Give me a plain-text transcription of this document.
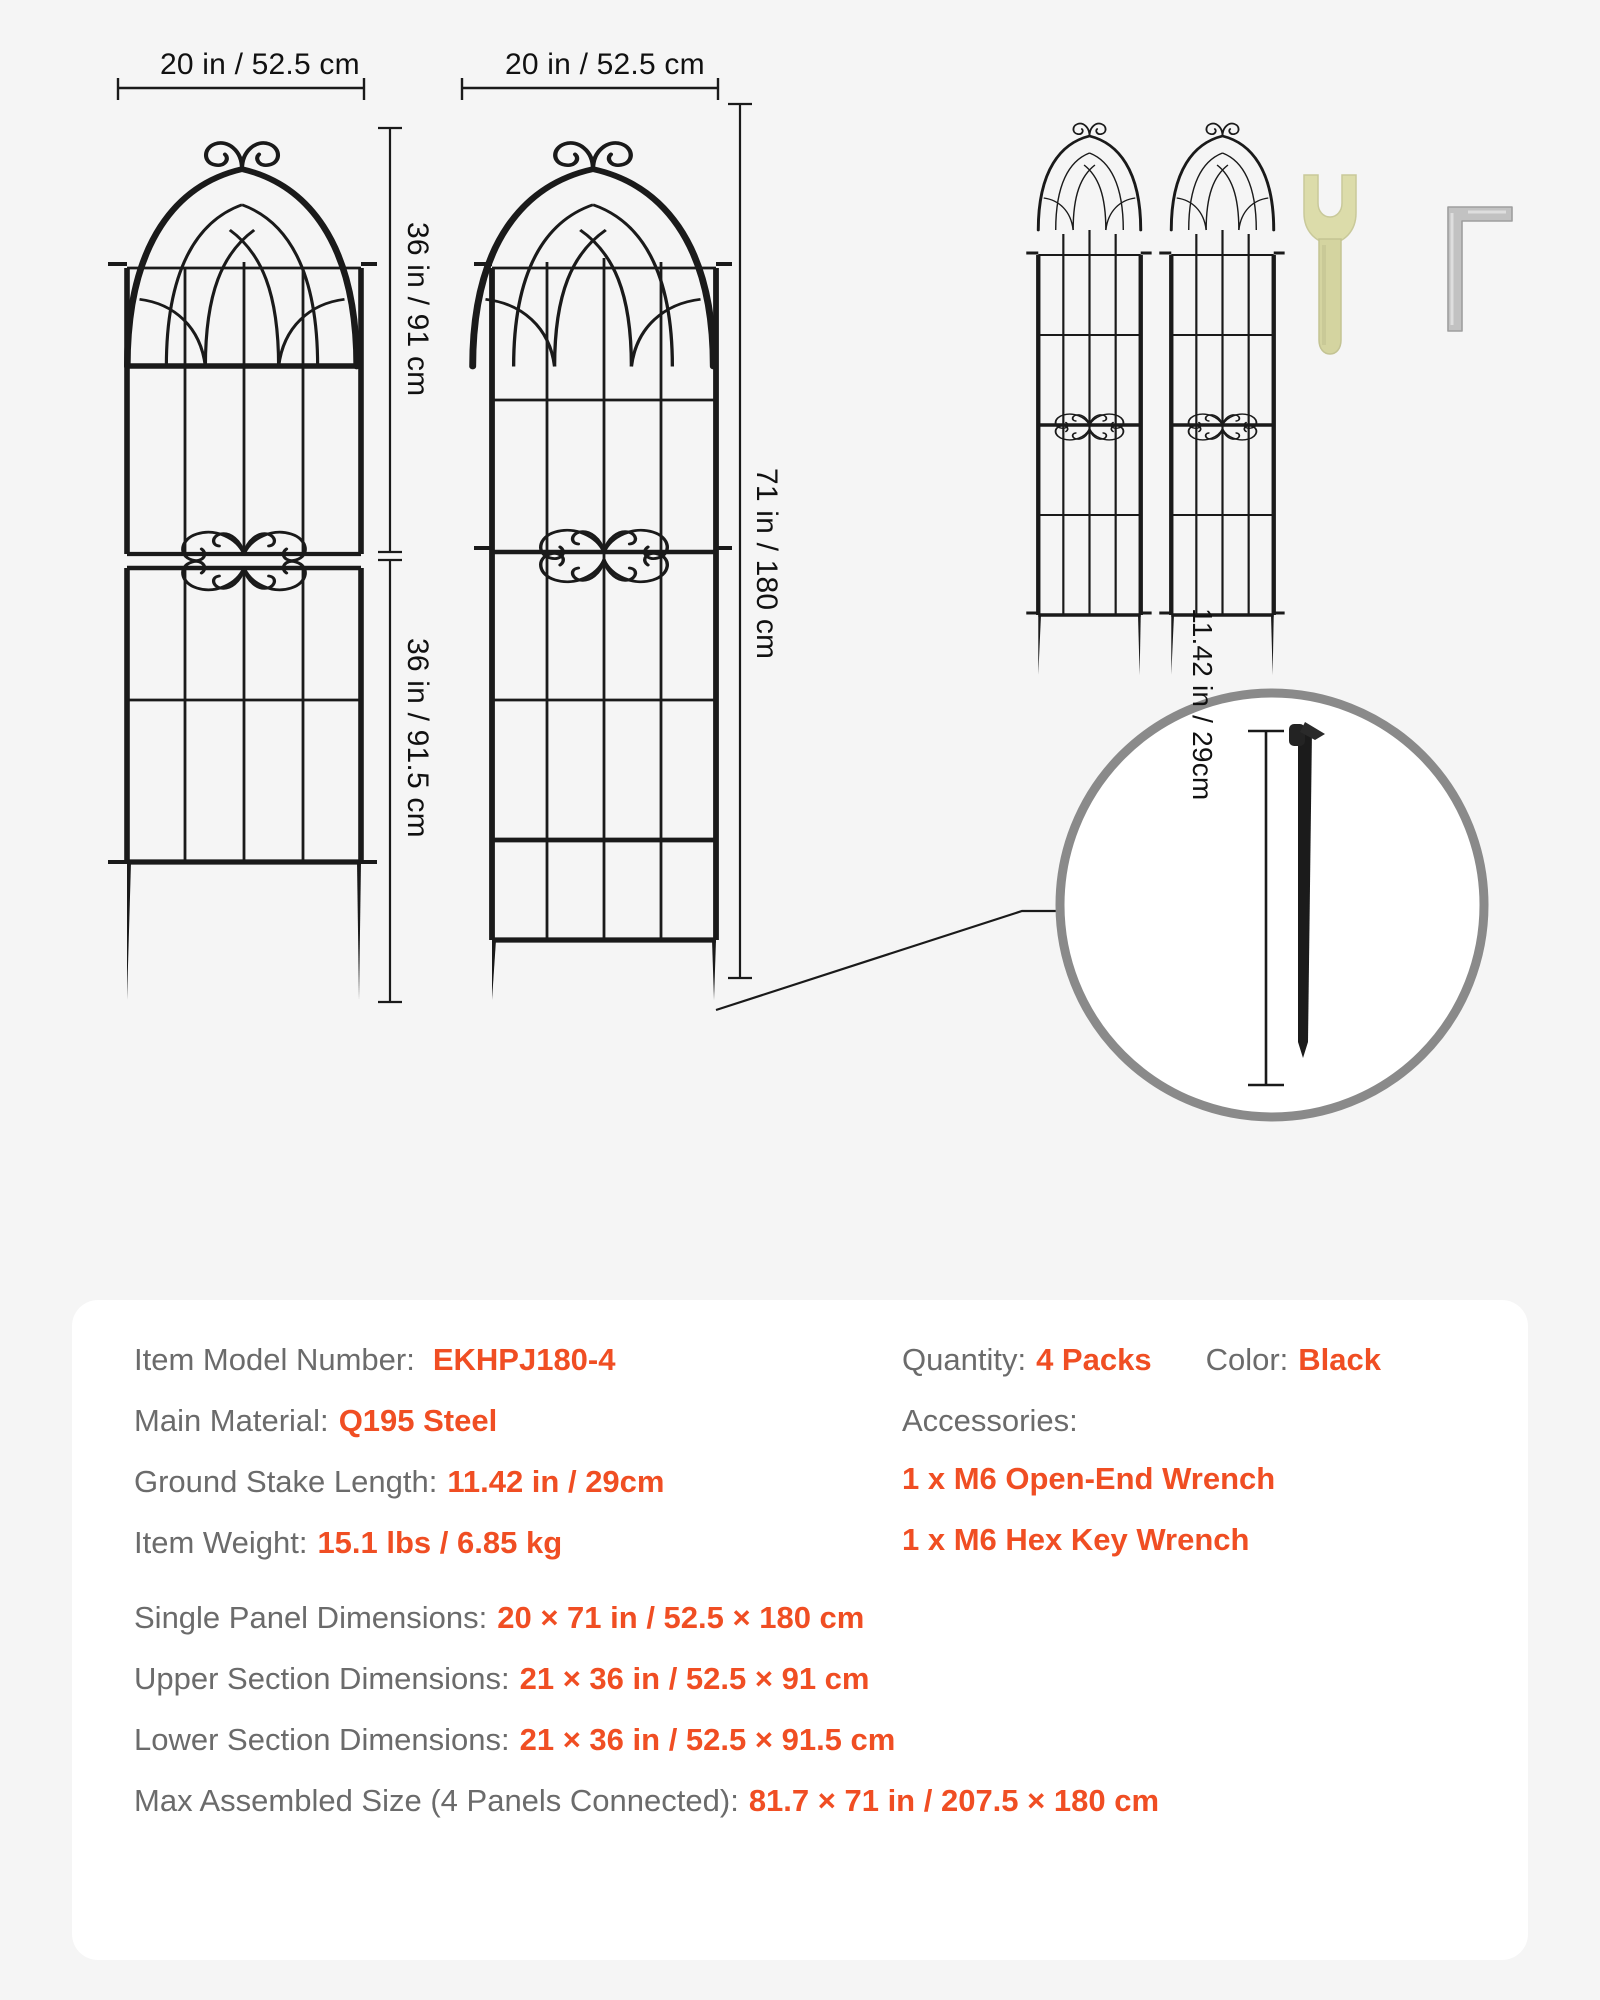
20 in / 52.5 cm	20 in / 52.5 cm
36 in / 91 cm
36 in / 91.5 cm
71 in / 180 cm
11.42 in / 29cm
Item Model Number: EKHPJ180-4
Main Material: Q195 Steel
Ground Stake Length: 11.42 in / 29cm
Item Weight: 15.1 lbs / 6.85 kg
Quantity: 4 Packs Color: Black
Accessories:
1 x M6 Open-End Wrench
1 x M6 Hex Key Wrench
Single Panel Dimensions: 20 × 71 in / 52.5 × 180 cm
Upper Section Dimensions: 21 × 36 in / 52.5 × 91 cm
Lower Section Dimensions: 21 × 36 in / 52.5 × 91.5 cm
Max Assembled Size (4 Panels Connected): 81.7 × 71 in / 207.5 × 180 cm
